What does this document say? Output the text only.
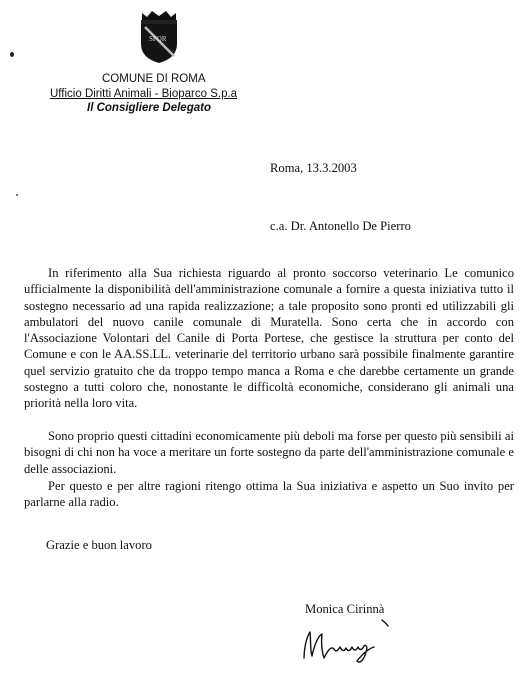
SPQR
COMUNE DI ROMA
Ufficio Diritti Animali - Bioparco S.p.a
Il Consigliere Delegato
Roma, 13.3.2003
c.a. Dr. Antonello De Pierro

In riferimento alla Sua richiesta riguardo al pronto soccorso veterinario Le comunico ufficialmente la disponibilità dell'amministrazione comunale a fornire a questa iniziativa tutto il sostegno necessario ad una rapida realizzazione; a tale proposito sono pronti ed utilizzabili gli ambulatori del nuovo canile comunale di Muratella. Sono certa che in accordo con l'Associazione Volontari del Canile di Porta Portese, che gestisce la struttura per conto del Comune e con le AA.SS.LL. veterinarie del territorio urbano sarà possibile finalmente garantire quel servizio gratuito che da troppo tempo manca a Roma e che darebbe certamente un grande sostegno a tutti coloro che, nonostante le difficoltà economiche, considerano gli animali una priorità nella loro vita.

Sono proprio questi cittadini economicamente più deboli ma forse per questo più sensibili ai bisogni di chi non ha voce a meritare un forte sostegno da parte dell'amministrazione comunale e delle associazioni.

Per questo e per altre ragioni ritengo ottima la Sua iniziativa e aspetto un Suo invito per parlarne alla radio.

Grazie e buon lavoro
Monica Cirinnà
